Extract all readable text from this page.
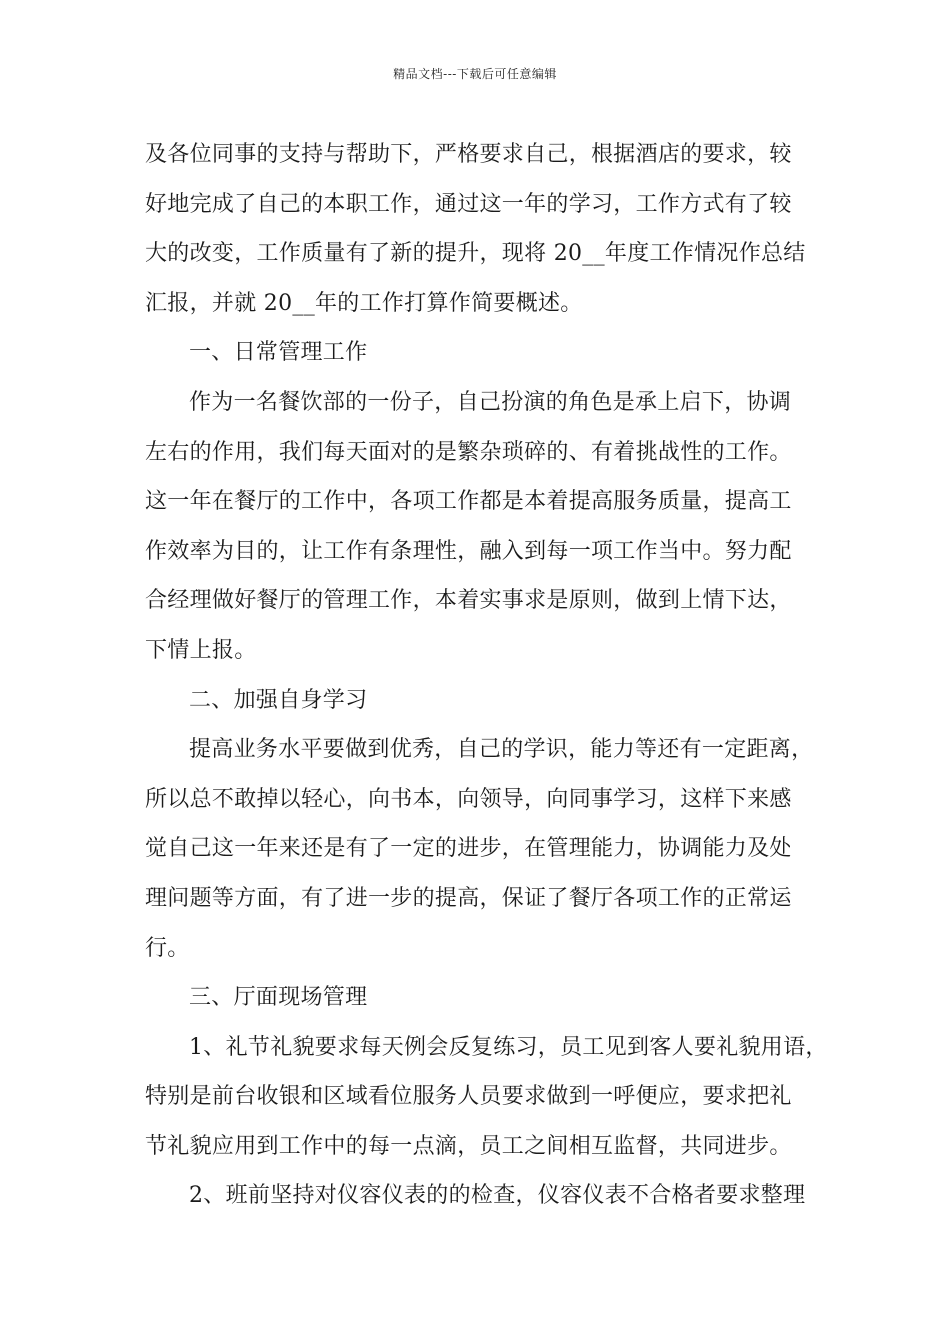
精品文档---下载后可任意编辑
及各位同事的支持与帮助下，严格要求自己，根据酒店的要求，较
好地完成了自己的本职工作，通过这一年的学习，工作方式有了较
大的改变，工作质量有了新的提升，现将 20__年度工作情况作总结
汇报，并就 20__年的工作打算作简要概述。
一、日常管理工作
作为一名餐饮部的一份子，自己扮演的角色是承上启下，协调
左右的作用，我们每天面对的是繁杂琐碎的、有着挑战性的工作。
这一年在餐厅的工作中，各项工作都是本着提高服务质量，提高工
作效率为目的，让工作有条理性，融入到每一项工作当中。努力配
合经理做好餐厅的管理工作，本着实事求是原则，做到上情下达，
下情上报。
二、加强自身学习
提高业务水平要做到优秀，自己的学识，能力等还有一定距离，
所以总不敢掉以轻心，向书本，向领导，向同事学习，这样下来感
觉自己这一年来还是有了一定的进步，在管理能力，协调能力及处
理问题等方面，有了进一步的提高，保证了餐厅各项工作的正常运
行。
三、厅面现场管理
1、礼节礼貌要求每天例会反复练习，员工见到客人要礼貌用语，
特别是前台收银和区域看位服务人员要求做到一呼便应，要求把礼
节礼貌应用到工作中的每一点滴，员工之间相互监督，共同进步。
2、班前坚持对仪容仪表的的检查，仪容仪表不合格者要求整理
